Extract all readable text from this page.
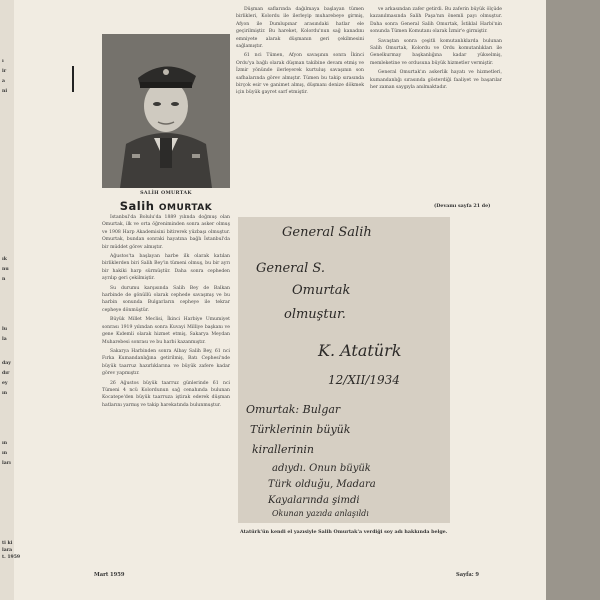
ı
ir
a
ni
ık
nu
n
lu
la
day
dır
ey
ın
ın
ın
ları
ti ki
lara
t. 1959
SALİH OMURTAK
Salih OMURTAK

İstanbul'da Bolulu'da 1889 yılında doğmuş olan Omurtak, ilk ve orta öğreniminden sonra asker olmuş ve 1908 Harp Akademisini bitirerek yüzbaşı olmuştur. Omurtak, bundan sonraki hayatına bağlı İstanbul'da bir müddet görev almıştır.

Ağustos'ta başlayan harbe ilk olarak katılan birliklerden biri Salih Bey'in tümeni olmuş, bu bir ayrı bir hakiki harp sürmüştür. Daha sonra cepheden ayrılıp geri çekilmiştir.

Su durumu karşısında Salih Bey de Balkan harbinde de gönüllü olarak cephede savaşmış ve bu harbin sonunda Bulgarların cepheye ile tekrar cepheye dönmüştür.

Büyük Millet Meclisi, İkinci Harbiye Umumiyet sonrası 1919 yılından sonra Kuvayi Milliye başkanı ve gene Kıdemli olarak hizmet etmiş, Sakarya Meydan Muharebesi sonrası ve bu harbi kazanmıştır.

Sakarya Harbinden sonra Albay Salih Bey, 61 nci Fırka Kumandanlığına getirilmiş, Batı Cephesi'nde büyük taarruz hazırlıklarına ve büyük zafere kadar görev yapmıştır.

26 Ağustos büyük taarruz günlerinde 61 nci Tümeni 4 ncü Kolordunun sağ cenahında bulunan Kocatepe'den büyük taarruza iştirak ederek düşman hatlarını yarmış ve takip harekatında bulunmuştur.

Düşman saflarında dağılmaya başlayan tümen birlikleri, Kolordu ile ilerleyip muharebeye girmiş, Afyon ile Dumlupınar arasındaki hatlar ele geçirilmiştir. Bu hareket, Kolordu'nun sağ kanadını emniyete alarak düşmanın geri çekilmesini sağlamıştır.

61 nci Tümen, Afyon savaşının sonra İkinci Ordu'ya bağlı olarak düşman takibine devam etmiş ve İzmir yönünde ilerleyerek kurtuluş savaşının son safhalarında görev almıştır. Tümen bu takip sırasında birçok esir ve ganimet almış, düşmanı denize dökmek için büyük gayret sarf etmiştir.

ve arkasından zafer getirdi. Bu zaferin büyük ölçüde kazanılmasında Salih Paşa'nın önemli payı olmuştur. Daha sonra General Salih Omurtak, İstiklal Harbi'nin sonunda Tümen Komutanı olarak İzmir'e girmiştir.

Savaştan sonra çeşitli komutanlıklarda bulunan Salih Omurtak, Kolordu ve Ordu komutanlıkları ile Genelkurmay başkanlığına kadar yükselmiş, memleketine ve ordusuna büyük hizmetler vermiştir.

General Omurtak'ın askerlik hayatı ve hizmetleri, kumandanlığı sırasında gösterdiği faaliyet ve başarılar her zaman saygıyla anılmaktadır.

(Devamı sayfa 21 de)
General Salih
General S.
Omurtak
olmuştur.
K. Atatürk
12/XII/1934
Omurtak: Bulgar
Türklerinin büyük
kirallerinin
adıydı. Onun büyük
Türk olduğu, Madara
Kayalarında şimdi
Okunan yazıda anlaşıldı
Atatürk'ün kendi el yazısiyle Salih Omurtak'a verdiği soy adı hakkında belge.
Mart 1959	Sayfa: 9
